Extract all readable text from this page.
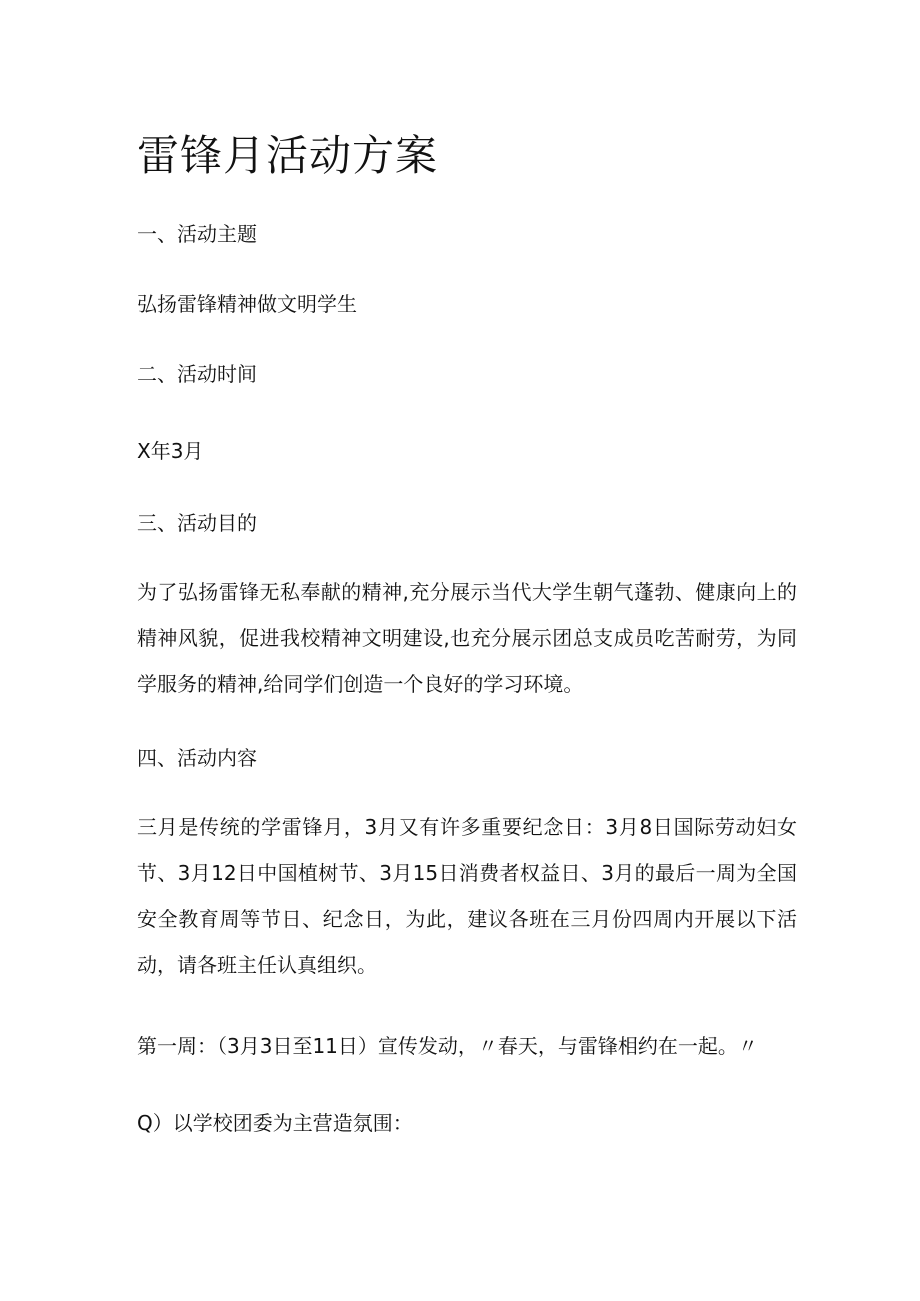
雷锋月活动方案

一、活动主题

弘扬雷锋精神做文明学生

二、活动时间

X年3月

三、活动目的

为了弘扬雷锋无私奉献的精神,充分展示当代大学生朝气蓬勃、健康向上的精神风貌，促进我校精神文明建设,也充分展示团总支成员吃苦耐劳，为同学服务的精神,给同学们创造一个良好的学习环境。

四、活动内容

三月是传统的学雷锋月，3月又有许多重要纪念日：3月8日国际劳动妇女节、3月12日中国植树节、3月15日消费者权益日、3月的最后一周为全国安全教育周等节日、纪念日，为此，建议各班在三月份四周内开展以下活动，请各班主任认真组织。

第一周：（3月3日至11日）宣传发动，〃春天，与雷锋相约在一起。〃

Q）以学校团委为主营造氛围：
